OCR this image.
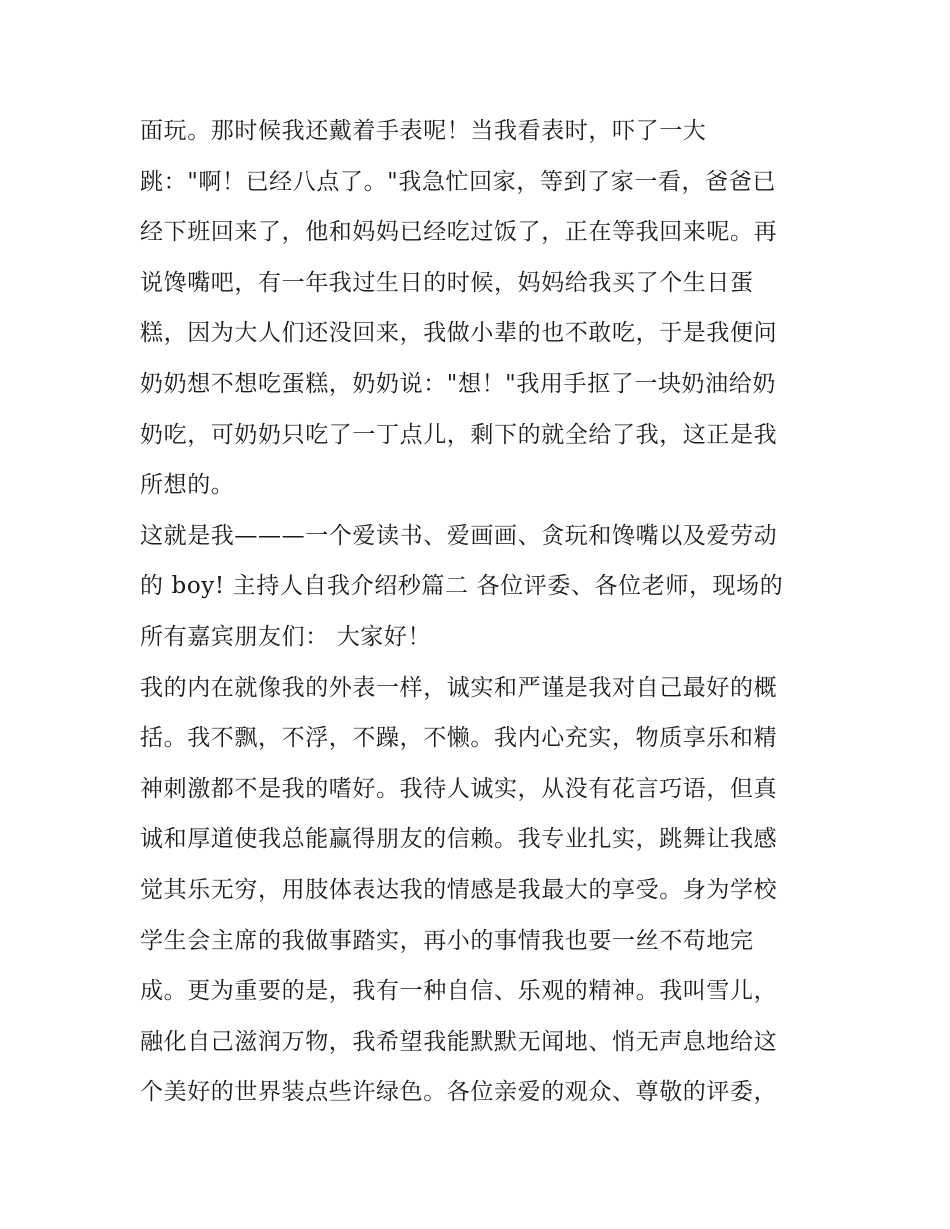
面玩。那时候我还戴着手表呢！当我看表时，吓了一大
跳："啊！已经八点了。"我急忙回家，等到了家一看，爸爸已
经下班回来了，他和妈妈已经吃过饭了，正在等我回来呢。再
说馋嘴吧，有一年我过生日的时候，妈妈给我买了个生日蛋
糕，因为大人们还没回来，我做小辈的也不敢吃，于是我便问
奶奶想不想吃蛋糕，奶奶说："想！"我用手抠了一块奶油给奶
奶吃，可奶奶只吃了一丁点儿，剩下的就全给了我，这正是我
所想的。
这就是我———一个爱读书、爱画画、贪玩和馋嘴以及爱劳动
的 boy! 主持人自我介绍秒篇二 各位评委、各位老师，现场的
所有嘉宾朋友们： 大家好！
我的内在就像我的外表一样，诚实和严谨是我对自己最好的概
括。我不飘，不浮，不躁，不懒。我内心充实，物质享乐和精
神刺激都不是我的嗜好。我待人诚实，从没有花言巧语，但真
诚和厚道使我总能赢得朋友的信赖。我专业扎实，跳舞让我感
觉其乐无穷，用肢体表达我的情感是我最大的享受。身为学校
学生会主席的我做事踏实，再小的事情我也要一丝不苟地完
成。更为重要的是，我有一种自信、乐观的精神。我叫雪儿，
融化自己滋润万物，我希望我能默默无闻地、悄无声息地给这
个美好的世界装点些许绿色。各位亲爱的观众、尊敬的评委，
